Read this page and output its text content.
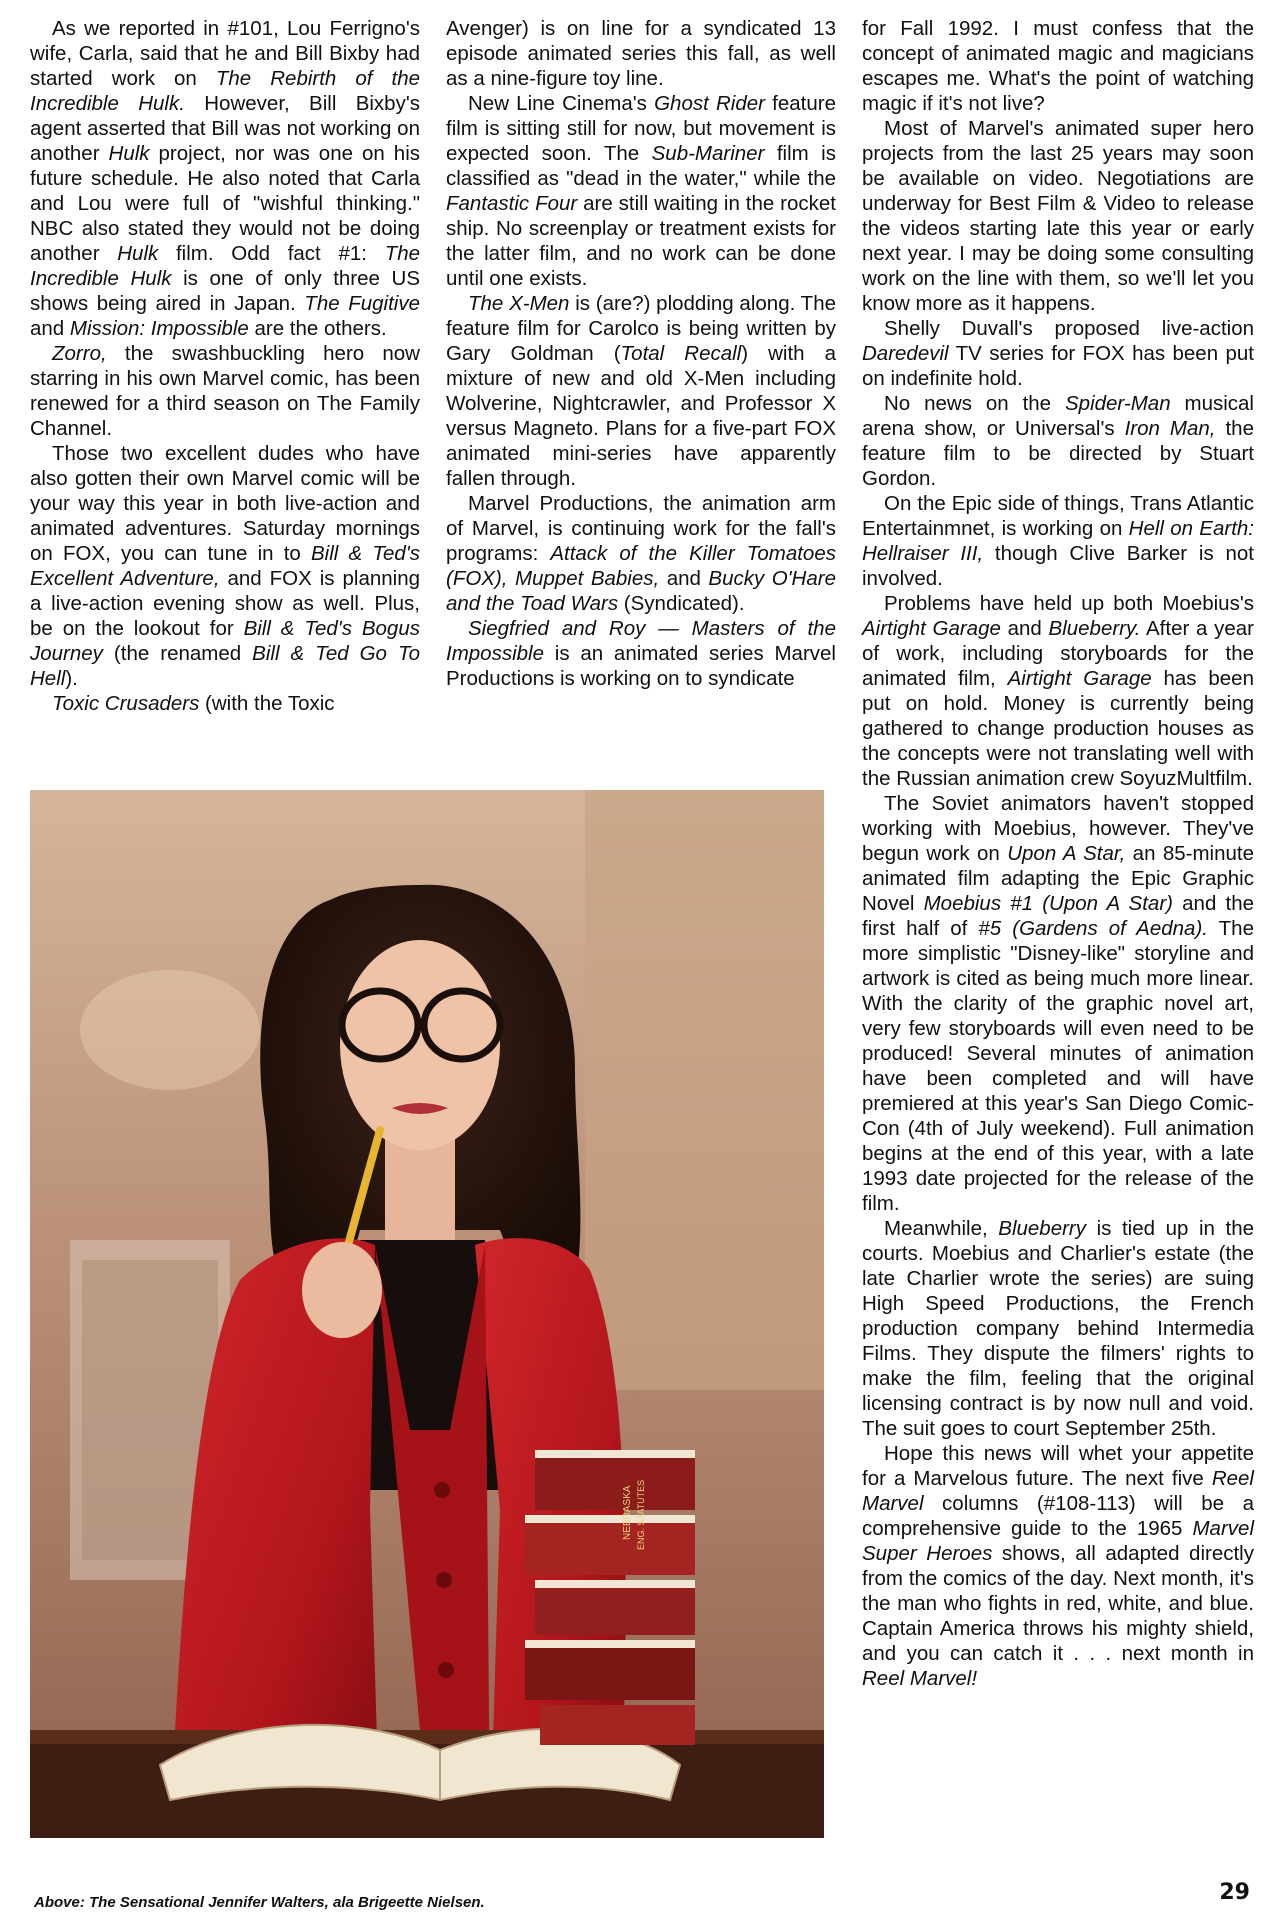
As we reported in #101, Lou Ferrigno's wife, Carla, said that he and Bill Bixby had started work on The Rebirth of the Incredible Hulk. However, Bill Bixby's agent asserted that Bill was not working on another Hulk project, nor was one on his future schedule. He also noted that Carla and Lou were full of "wishful thinking." NBC also stated they would not be doing another Hulk film. Odd fact #1: The Incredible Hulk is one of only three US shows being aired in Japan. The Fugitive and Mission: Impossible are the others.

Zorro, the swashbuckling hero now starring in his own Marvel comic, has been renewed for a third season on The Family Channel.

Those two excellent dudes who have also gotten their own Marvel comic will be your way this year in both live-action and animated adventures. Saturday mornings on FOX, you can tune in to Bill & Ted's Excellent Adventure, and FOX is planning a live-action evening show as well. Plus, be on the lookout for Bill & Ted's Bogus Journey (the renamed Bill & Ted Go To Hell).

Toxic Crusaders (with the Toxic

Avenger) is on line for a syndicated 13 episode animated series this fall, as well as a nine-figure toy line.

New Line Cinema's Ghost Rider feature film is sitting still for now, but movement is expected soon. The Sub-Mariner film is classified as "dead in the water," while the Fantastic Four are still waiting in the rocket ship. No screenplay or treatment exists for the latter film, and no work can be done until one exists.

The X-Men is (are?) plodding along. The feature film for Carolco is being written by Gary Goldman (Total Recall) with a mixture of new and old X-Men including Wolverine, Nightcrawler, and Professor X versus Magneto. Plans for a five-part FOX animated mini-series have apparently fallen through.

Marvel Productions, the animation arm of Marvel, is continuing work for the fall's programs: Attack of the Killer Tomatoes (FOX), Muppet Babies, and Bucky O'Hare and the Toad Wars (Syndicated).

Siegfried and Roy — Masters of the Impossible is an animated series Marvel Productions is working on to syndicate

for Fall 1992. I must confess that the concept of animated magic and magicians escapes me. What's the point of watching magic if it's not live?

Most of Marvel's animated super hero projects from the last 25 years may soon be available on video. Negotiations are underway for Best Film & Video to release the videos starting late this year or early next year. I may be doing some consulting work on the line with them, so we'll let you know more as it happens.

Shelly Duvall's proposed live-action Daredevil TV series for FOX has been put on indefinite hold.

No news on the Spider-Man musical arena show, or Universal's Iron Man, the feature film to be directed by Stuart Gordon.

On the Epic side of things, Trans Atlantic Entertainmnet, is working on Hell on Earth: Hellraiser III, though Clive Barker is not involved.

Problems have held up both Moebius's Airtight Garage and Blueberry. After a year of work, including storyboards for the animated film, Airtight Garage has been put on hold. Money is currently being gathered to change production houses as the concepts were not translating well with the Russian animation crew SoyuzMultfilm.

The Soviet animators haven't stopped working with Moebius, however. They've begun work on Upon A Star, an 85-minute animated film adapting the Epic Graphic Novel Moebius #1 (Upon A Star) and the first half of #5 (Gardens of Aedna). The more simplistic "Disney-like" storyline and artwork is cited as being much more linear. With the clarity of the graphic novel art, very few storyboards will even need to be produced! Several minutes of animation have been completed and will have premiered at this year's San Diego Comic-Con (4th of July weekend). Full animation begins at the end of this year, with a late 1993 date projected for the release of the film.

Meanwhile, Blueberry is tied up in the courts. Moebius and Charlier's estate (the late Charlier wrote the series) are suing High Speed Productions, the French production company behind Intermedia Films. They dispute the filmers' rights to make the film, feeling that the original licensing contract is by now null and void. The suit goes to court September 25th.

Hope this news will whet your appetite for a Marvelous future. The next five Reel Marvel columns (#108-113) will be a comprehensive guide to the 1965 Marvel Super Heroes shows, all adapted directly from the comics of the day. Next month, it's the man who fights in red, white, and blue. Captain America throws his mighty shield, and you can catch it . . . next month in Reel Marvel!

NEBRASKA ENG. STATUTES
Above: The Sensational Jennifer Walters, ala Brigeette Nielsen.	29
